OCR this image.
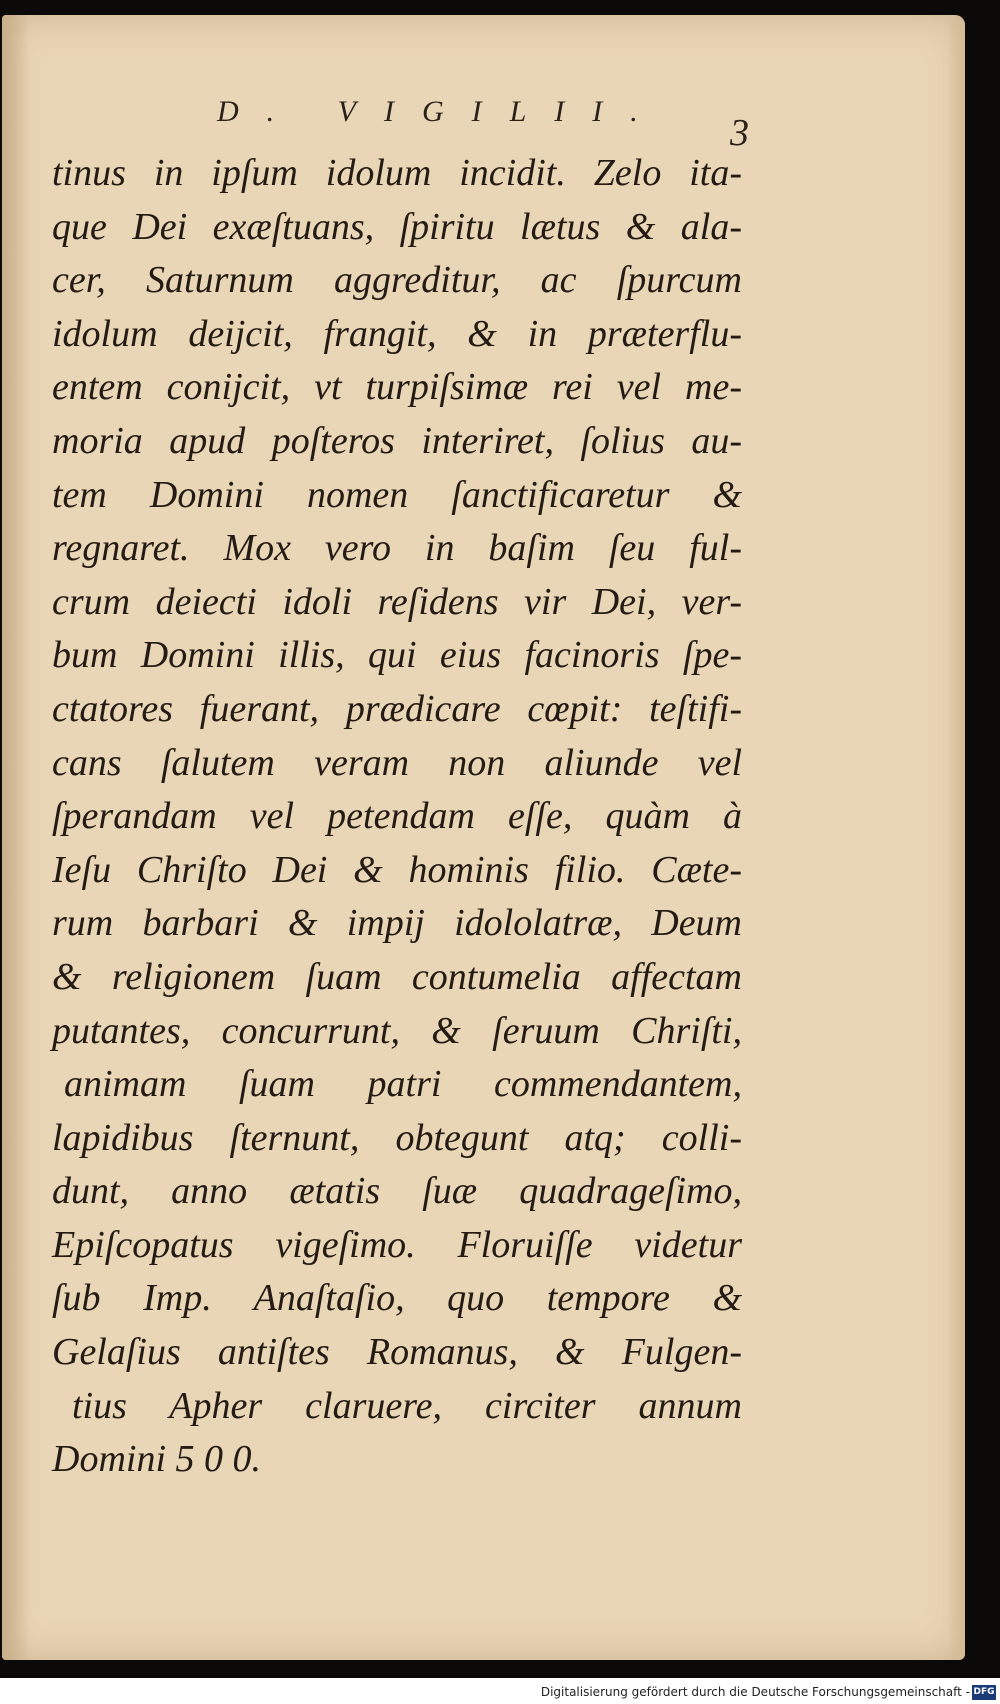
D. VIGILII.
3
tinus in ipſum idolum incidit. Zelo ita-
que Dei exæſtuans, ſpiritu lætus & ala-
cer, Saturnum aggreditur, ac ſpurcum
idolum deijcit, frangit, & in præterflu-
entem conijcit, vt turpiſsimæ rei vel me-
moria apud poſteros interiret, ſolius au-
tem Domini nomen ſanctificaretur &
regnaret. Mox vero in baſim ſeu ful-
crum deiecti idoli reſidens vir Dei, ver-
bum Domini illis, qui eius facinoris ſpe-
ctatores fuerant, prædicare cœpit: teſtifi-
cans ſalutem veram non aliunde vel
ſperandam vel petendam eſſe, quàm à
Ieſu Chriſto Dei & hominis filio. Cæte-
rum barbari & impij idololatræ, Deum
& religionem ſuam contumelia affectam
putantes, concurrunt, & ſeruum Chriſti,
animam ſuam patri commendantem,
lapidibus ſternunt, obtegunt atq; colli-
dunt, anno ætatis ſuæ quadrageſimo,
Epiſcopatus vigeſimo. Floruiſſe videtur
ſub Imp. Anaſtaſio, quo tempore &
Gelaſius antiſtes Romanus, & Fulgen-
tius Apher claruere, circiter annum
Domini 5 0 0.
Digitalisierung gefördert durch die Deutsche Forschungsgemeinschaft - DFG
